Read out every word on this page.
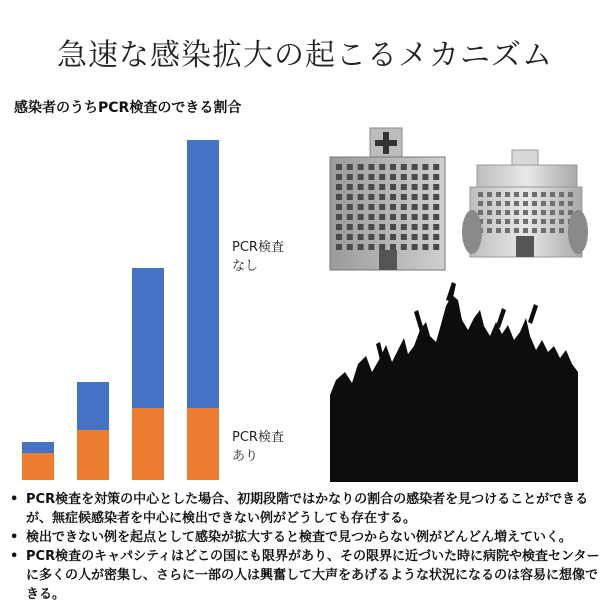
急速な感染拡大の起こるメカニズム
感染者のうちPCR検査のできる割合
PCR検査
なし
PCR検査
あり
• PCR検査を対策の中心とした場合、初期段階ではかなりの割合の感染者を見つけることができるが、無症候感染者を中心に検出できない例がどうしても存在する。
• 検出できない例を起点として感染が拡大すると検査で見つからない例がどんどん増えていく。
• PCR検査のキャパシティはどこの国にも限界があり、その限界に近づいた時に病院や検査センターに多くの人が密集し、さらに一部の人は興奮して大声をあげるような状況になるのは容易に想像できる。
